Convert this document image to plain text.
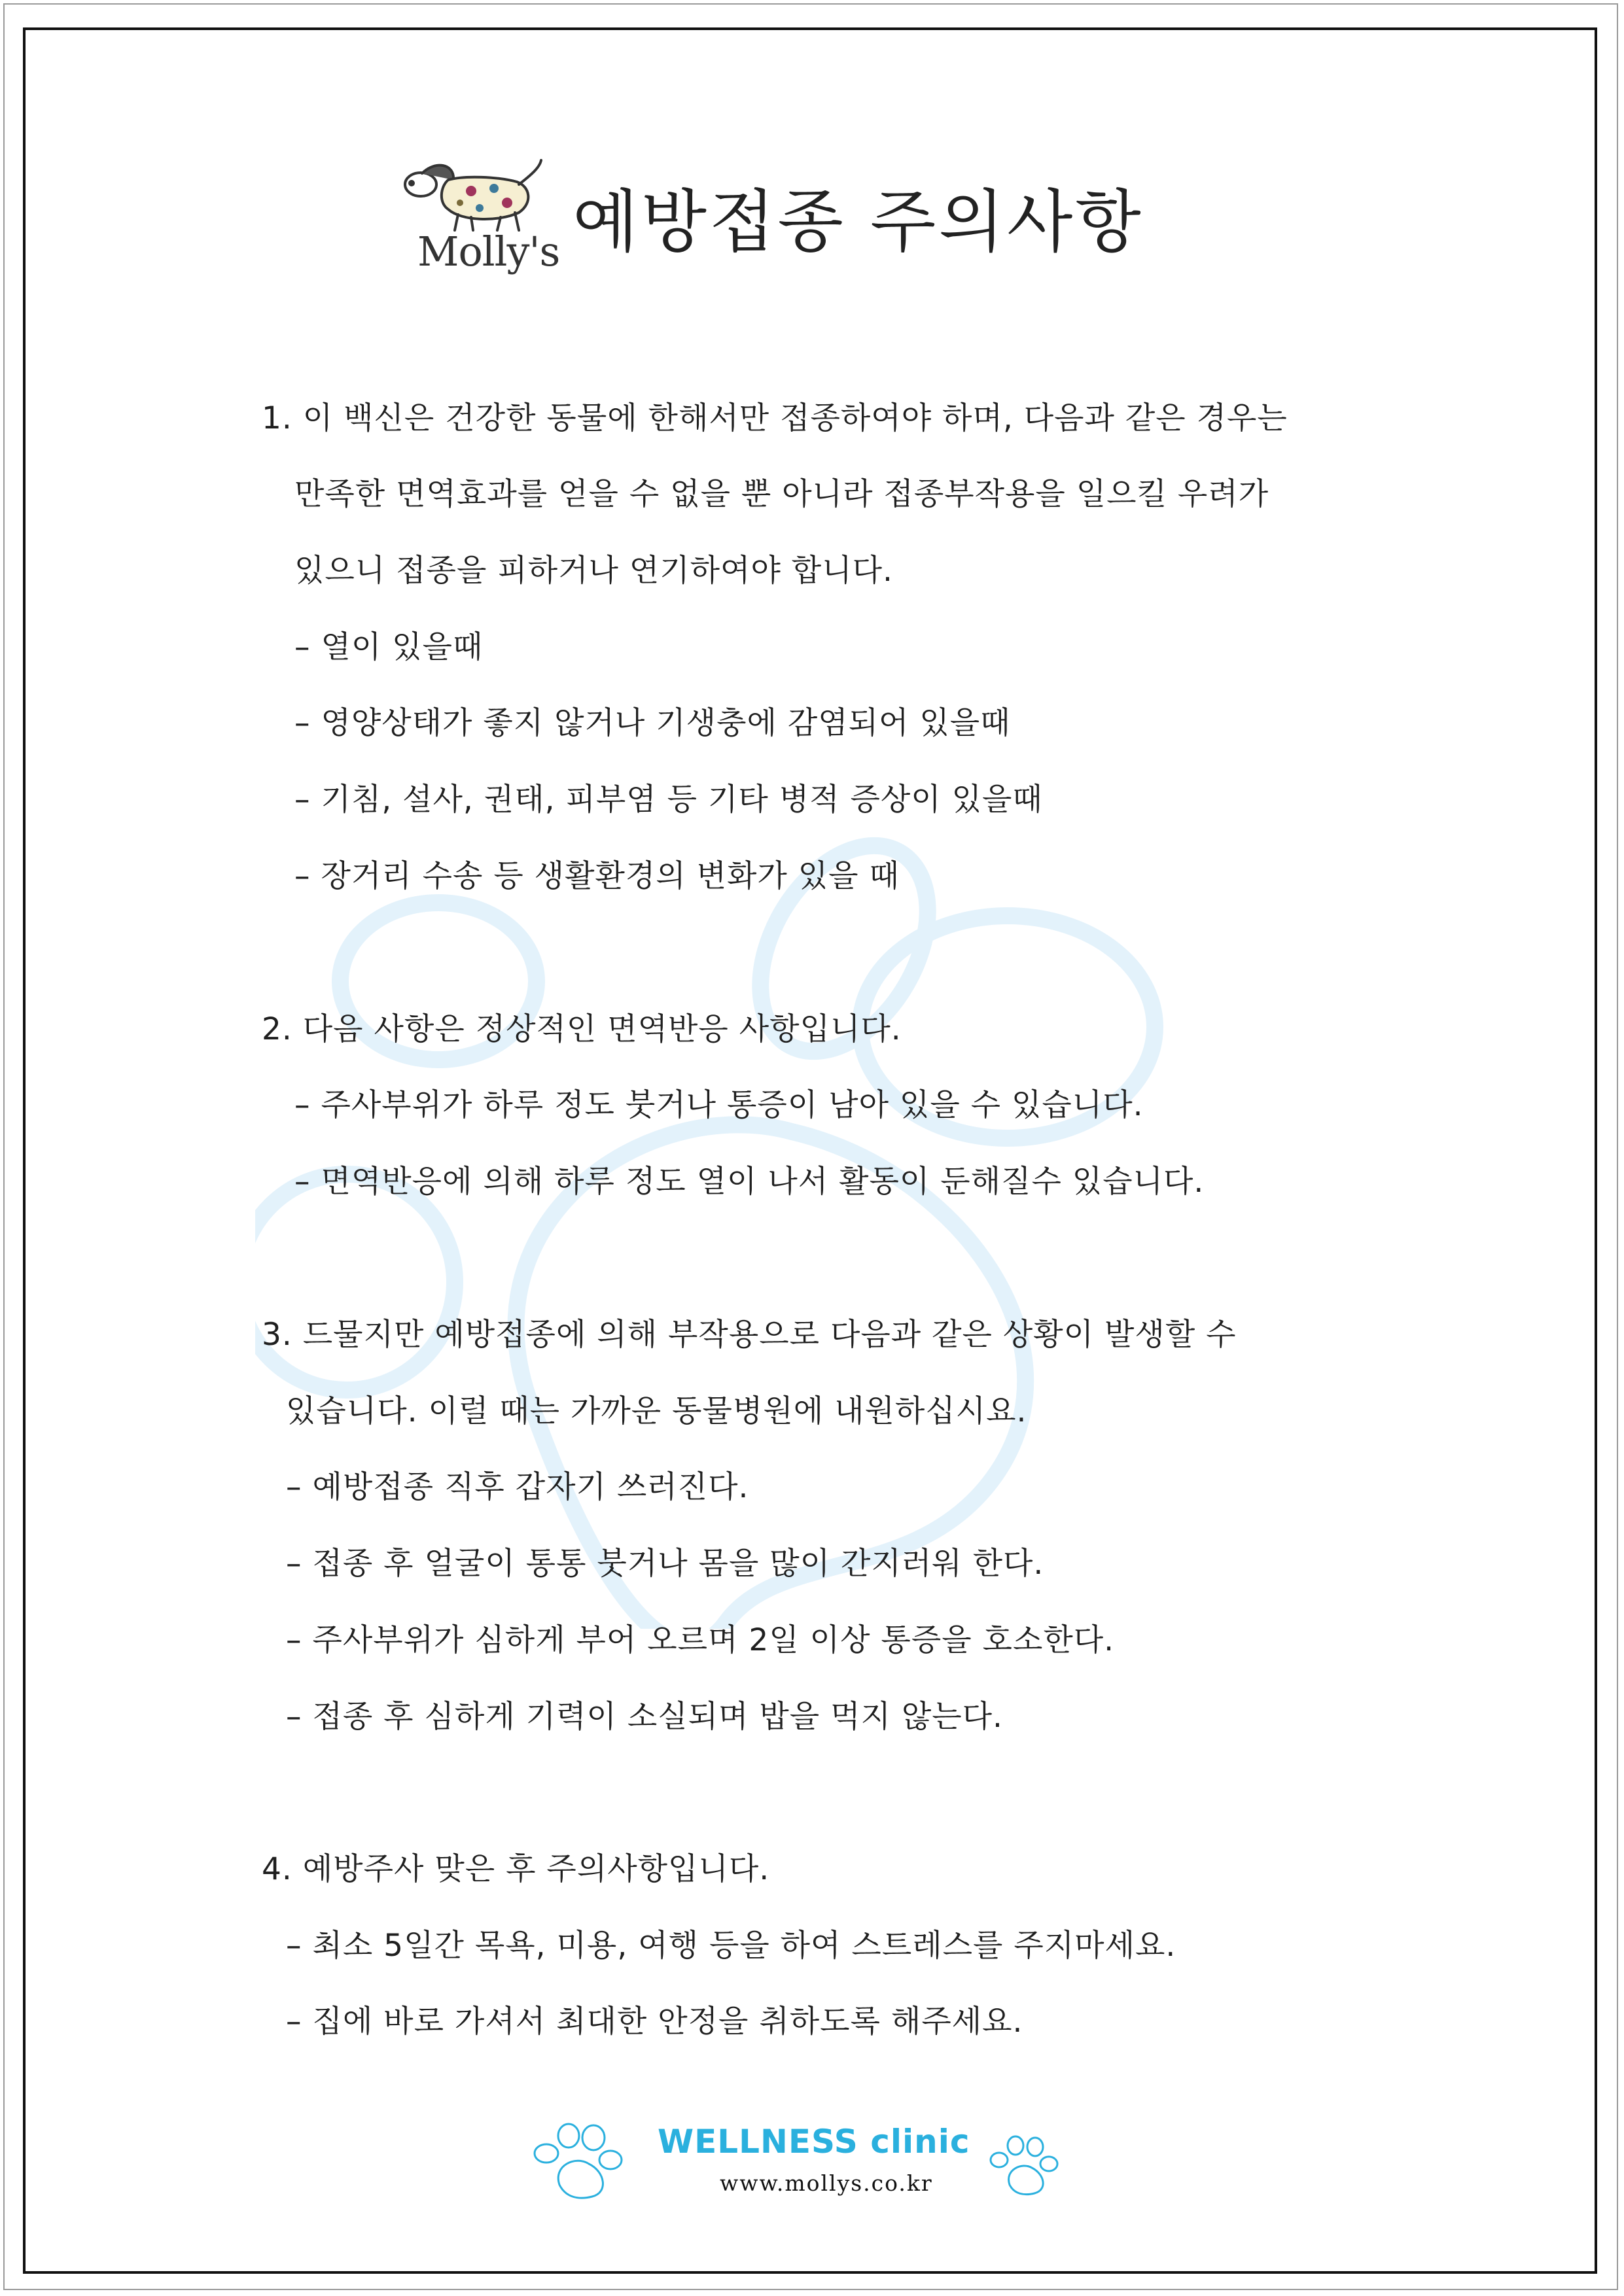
Molly's 예방접종 주의사항
1. 이 백신은 건강한 동물에 한해서만 접종하여야 하며, 다음과 같은 경우는
만족한 면역효과를 얻을 수 없을 뿐 아니라 접종부작용을 일으킬 우려가
있으니 접종을 피하거나 연기하여야 합니다.
– 열이 있을때
– 영양상태가 좋지 않거나 기생충에 감염되어 있을때
– 기침, 설사, 권태, 피부염 등 기타 병적 증상이 있을때
– 장거리 수송 등 생활환경의 변화가 있을 때
2. 다음 사항은 정상적인 면역반응 사항입니다.
– 주사부위가 하루 정도 붓거나 통증이 남아 있을 수 있습니다.
– 면역반응에 의해 하루 정도 열이 나서 활동이 둔해질수 있습니다.
3. 드물지만 예방접종에 의해 부작용으로 다음과 같은 상황이 발생할 수
있습니다. 이럴 때는 가까운 동물병원에 내원하십시요.
– 예방접종 직후 갑자기 쓰러진다.
– 접종 후 얼굴이 통통 붓거나 몸을 많이 간지러워 한다.
– 주사부위가 심하게 부어 오르며 2일 이상 통증을 호소한다.
– 접종 후 심하게 기력이 소실되며 밥을 먹지 않는다.
4. 예방주사 맞은 후 주의사항입니다.
– 최소 5일간 목욕, 미용, 여행 등을 하여 스트레스를 주지마세요.
– 집에 바로 가셔서 최대한 안정을 취하도록 해주세요.
WELLNESS clinic
www.mollys.co.kr
